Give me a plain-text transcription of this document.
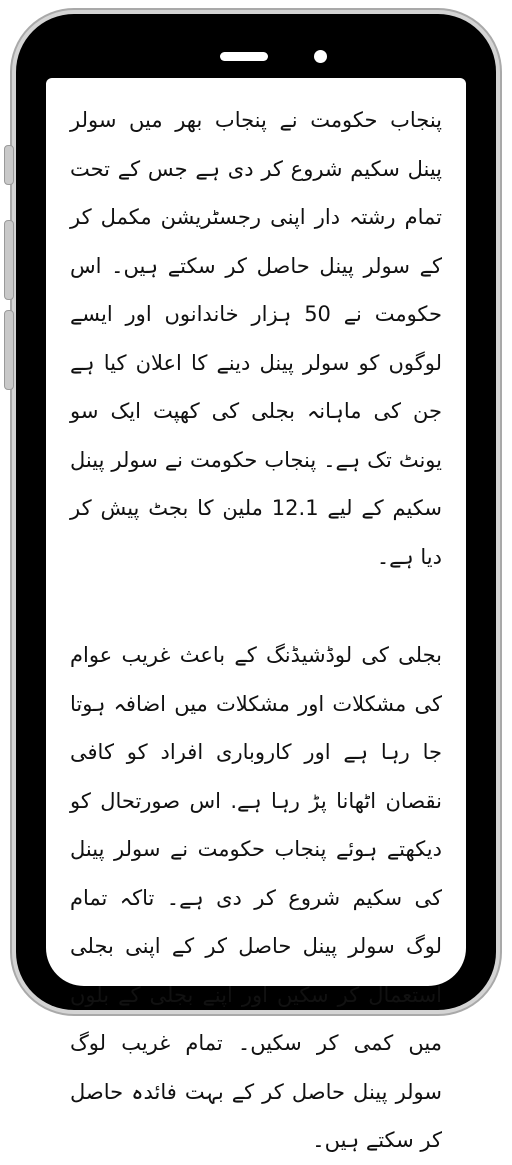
پنجاب حکومت نے پنجاب بھر میں سولر پینل سکیم شروع کر دی ہے جس کے تحت تمام رشتہ دار اپنی رجسٹریشن مکمل کر کے سولر پینل حاصل کر سکتے ہیں۔ اس حکومت نے 50 ہزار خاندانوں اور ایسے لوگوں کو سولر پینل دینے کا اعلان کیا ہے جن کی ماہانہ بجلی کی کھپت ایک سو یونٹ تک ہے۔ پنجاب حکومت نے سولر پینل سکیم کے لیے 12.1 ملین کا بجٹ پیش کر دیا ہے۔

بجلی کی لوڈشیڈنگ کے باعث غریب عوام کی مشکلات اور مشکلات میں اضافہ ہوتا جا رہا ہے اور کاروباری افراد کو کافی نقصان اٹھانا پڑ رہا ہے. اس صورتحال کو دیکھتے ہوئے پنجاب حکومت نے سولر پینل کی سکیم شروع کر دی ہے۔ تاکہ تمام لوگ سولر پینل حاصل کر کے اپنی بجلی استعمال کر سکیں اور اپنے بجلی کے بلوں میں کمی کر سکیں۔ تمام غریب لوگ سولر پینل حاصل کر کے بہت فائدہ حاصل کر سکتے ہیں۔
